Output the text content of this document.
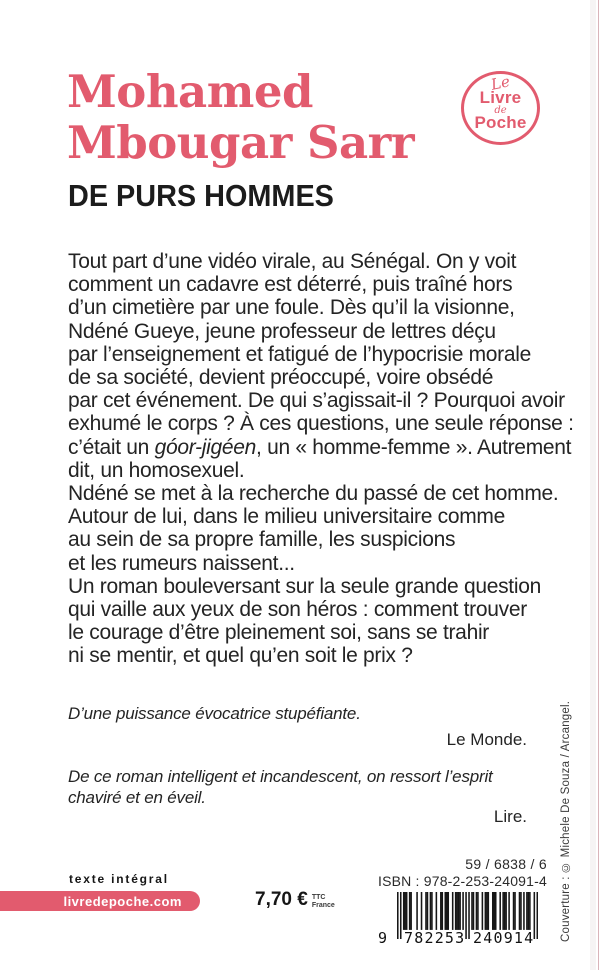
Mohamed
Mbougar Sarr
Le
Livre
de
Poche
DE PURS HOMMES
Tout part d’une vidéo virale, au Sénégal. On y voit
comment un cadavre est déterré, puis traîné hors
d’un cimetière par une foule. Dès qu’il la visionne,
Ndéné Gueye, jeune professeur de lettres déçu
par l’enseignement et fatigué de l’hypocrisie morale
de sa société, devient préoccupé, voire obsédé
par cet événement. De qui s’agissait-il ? Pourquoi avoir
exhumé le corps ? À ces questions, une seule réponse :
c’était un góor-jigéen, un « homme-femme ». Autrement
dit, un homosexuel.
Ndéné se met à la recherche du passé de cet homme.
Autour de lui, dans le milieu universitaire comme
au sein de sa propre famille, les suspicions
et les rumeurs naissent...
Un roman bouleversant sur la seule grande question
qui vaille aux yeux de son héros : comment trouver
le courage d’être pleinement soi, sans se trahir
ni se mentir, et quel qu’en soit le prix ?
D’une puissance évocatrice stupéfiante.
Le Monde.
De ce roman intelligent et incandescent, on ressort l’esprit
chaviré et en éveil.
Lire.
texte intégral
livredepoche.com	7,70 € TTC
France
59 / 6838 / 6
ISBN : 978-2-253-24091-4
9 782253 240914 Couverture : © Michele De Souza / Arcangel.
